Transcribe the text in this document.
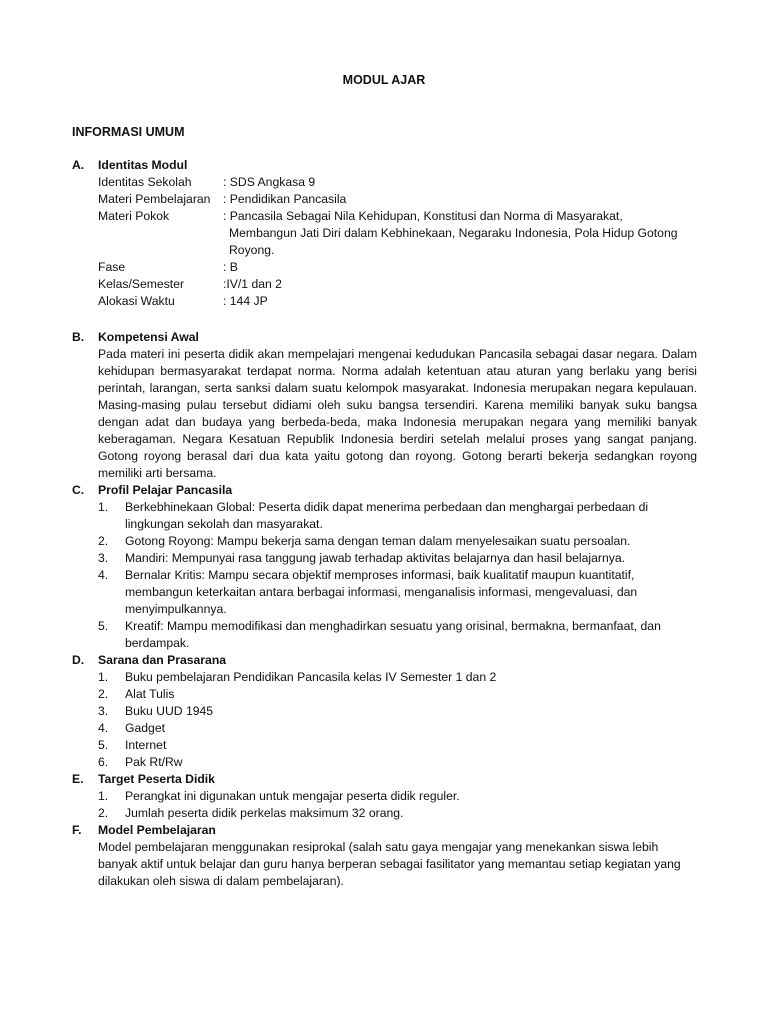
MODUL AJAR
INFORMASI UMUM
A. Identitas Modul
Identitas Sekolah	: SDS Angkasa 9
Materi Pembelajaran	: Pendidikan Pancasila
Materi Pokok	: Pancasila Sebagai Nila Kehidupan, Konstitusi dan Norma di Masyarakat,
Membangun Jati Diri dalam Kebhinekaan, Negaraku Indonesia, Pola Hidup Gotong
Royong.
Fase	: B
Kelas/Semester	:IV/1 dan 2
Alokasi Waktu	: 144 JP
B. Kompetensi Awal
Pada materi ini peserta didik akan mempelajari mengenai kedudukan Pancasila sebagai dasar negara. Dalam kehidupan bermasyarakat terdapat norma. Norma adalah ketentuan atau aturan yang berlaku yang berisi perintah, larangan, serta sanksi dalam suatu kelompok masyarakat. Indonesia merupakan negara kepulauan. Masing-masing pulau tersebut didiami oleh suku bangsa tersendiri. Karena memiliki banyak suku bangsa dengan adat dan budaya yang berbeda-beda, maka Indonesia merupakan negara yang memiliki banyak keberagaman. Negara Kesatuan Republik Indonesia berdiri setelah melalui proses yang sangat panjang. Gotong royong berasal dari dua kata yaitu gotong dan royong. Gotong berarti bekerja sedangkan royong memiliki arti bersama.
C. Profil Pelajar Pancasila
1. Berkebhinekaan Global: Peserta didik dapat menerima perbedaan dan menghargai perbedaan di lingkungan sekolah dan masyarakat.
2. Gotong Royong: Mampu bekerja sama dengan teman dalam menyelesaikan suatu persoalan.
3. Mandiri: Mempunyai rasa tanggung jawab terhadap aktivitas belajarnya dan hasil belajarnya.
4. Bernalar Kritis: Mampu secara objektif memproses informasi, baik kualitatif maupun kuantitatif, membangun keterkaitan antara berbagai informasi, menganalisis informasi, mengevaluasi, dan menyimpulkannya.
5. Kreatif: Mampu memodifikasi dan menghadirkan sesuatu yang orisinal, bermakna, bermanfaat, dan berdampak.
D. Sarana dan Prasarana
1. Buku pembelajaran Pendidikan Pancasila kelas IV Semester 1 dan 2
2. Alat Tulis
3. Buku UUD 1945
4. Gadget
5. Internet
6. Pak Rt/Rw
E. Target Peserta Didik
1. Perangkat ini digunakan untuk mengajar peserta didik reguler.
2. Jumlah peserta didik perkelas maksimum 32 orang.
F. Model Pembelajaran
Model pembelajaran menggunakan resiprokal (salah satu gaya mengajar yang menekankan siswa lebih banyak aktif untuk belajar dan guru hanya berperan sebagai fasilitator yang memantau setiap kegiatan yang dilakukan oleh siswa di dalam pembelajaran).
